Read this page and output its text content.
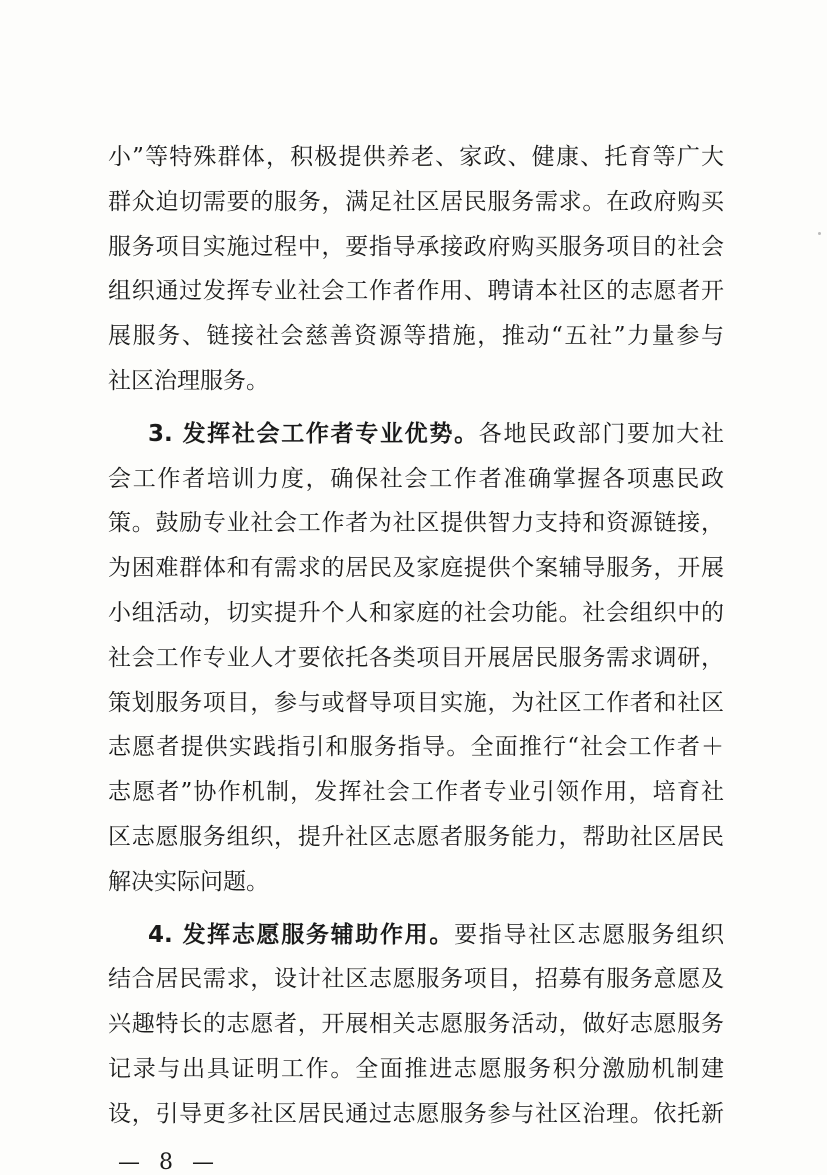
小”等特殊群体，积极提供养老、家政、健康、托育等广大
群众迫切需要的服务，满足社区居民服务需求。在政府购买
服务项目实施过程中，要指导承接政府购买服务项目的社会
组织通过发挥专业社会工作者作用、聘请本社区的志愿者开
展服务、链接社会慈善资源等措施，推动“五社”力量参与
社区治理服务。
3. 发挥社会工作者专业优势。各地民政部门要加大社
会工作者培训力度，确保社会工作者准确掌握各项惠民政
策。鼓励专业社会工作者为社区提供智力支持和资源链接，
为困难群体和有需求的居民及家庭提供个案辅导服务，开展
小组活动，切实提升个人和家庭的社会功能。社会组织中的
社会工作专业人才要依托各类项目开展居民服务需求调研，
策划服务项目，参与或督导项目实施，为社区工作者和社区
志愿者提供实践指引和服务指导。全面推行“社会工作者＋
志愿者”协作机制，发挥社会工作者专业引领作用，培育社
区志愿服务组织，提升社区志愿者服务能力，帮助社区居民
解决实际问题。
4. 发挥志愿服务辅助作用。要指导社区志愿服务组织
结合居民需求，设计社区志愿服务项目，招募有服务意愿及
兴趣特长的志愿者，开展相关志愿服务活动，做好志愿服务
记录与出具证明工作。全面推进志愿服务积分激励机制建
设，引导更多社区居民通过志愿服务参与社区治理。依托新
— 8 —
